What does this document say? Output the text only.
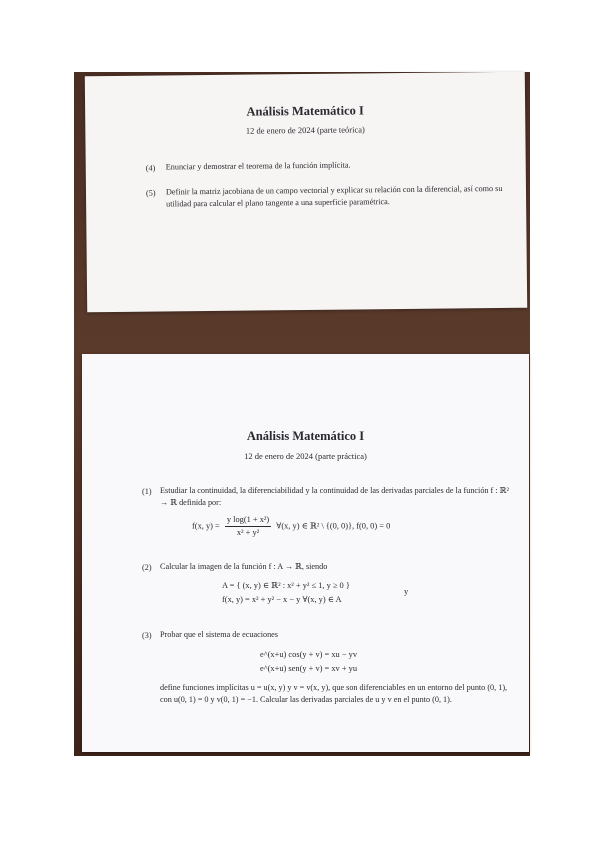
Análisis Matemático I
12 de enero de 2024 (parte teórica)
(4) Enunciar y demostrar el teorema de la función implícita.
(5) Definir la matriz jacobiana de un campo vectorial y explicar su relación con la diferencial, así como su utilidad para calcular el plano tangente a una superficie paramétrica.
Análisis Matemático I
12 de enero de 2024 (parte práctica)
(1) Estudiar la continuidad, la diferenciabilidad y la continuidad de las derivadas parciales de la función f : ℝ² → ℝ definida por:
f(x, $y) = \frac{\text{y log(1 + x²)}}{\text{x² + y²}}$ ∀(x, y) ∈ ℝ² \ {(0, 0)}, f(0, 0) = 0
(2) Calcular la imagen de la función f : A → ℝ, siendo
A = { (x, y) ∈ ℝ² : x² + y² ≤ 1, y ≥ 0 }
y
f(x, y) = x² + y² − x − y ∀(x, y) ∈ A
(3) Probar que el sistema de ecuaciones
e^(x+u) cos(y + v) = xu − yv
e^(x+u) sen(y + v) = xv + yu
define funciones implícitas u = u(x, y) y v = v(x, y), que son diferenciables en un entorno del punto (0, 1), con u(0, 1) = 0 y v(0, 1) = −1. Calcular las derivadas parciales de u y v en el punto (0, 1).
